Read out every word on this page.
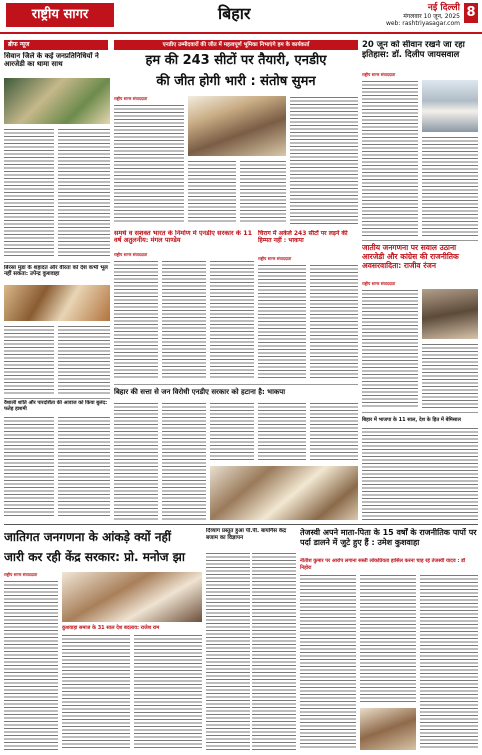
राष्ट्रीय सागर	बिहार	नई दिल्ली
मंगलवार 10 जून, 2025
web: rashtriyasagar.com
8
ब्रीफ न्यूज
सिवान जिले के कई जनप्रतिनिधियों ने आरजेडी का थामा साथ
बिरसा मुंडा के शहादत और वीरता को देश कभी भूल नहीं सकता: उपेन्द्र कुशवाहा
वैशाली शांति और पारदर्शिता की आवाज को किया बुलंद: फतेह हाशमी
एनडीए उम्मीदवारों की जीत में महत्वपूर्ण भूमिका निभाएंगे हम के कार्यकर्ता
हम की 243 सीटों पर तैयारी, एनडीए
की जीत होगी भारी : संतोष सुमन
राष्ट्रीय सागर संवाददाता
समर्थ व सशक्त भारत के निर्माण में एनडीए सरकार के 11 वर्ष अतुलनीय: मंगल पाण्डेय
राष्ट्रीय सागर संवाददाता
चिराग में अकेले 243 सीटों पर लड़ने की हिम्मत नहीं : भाकपा
राष्ट्रीय सागर संवाददाता
बिहार की सत्ता से जन विरोधी एनडीए सरकार को हटाना है: भाकपा
20 जून को सीवान रखने जा रहा इतिहास: डॉ. दिलीप जायसवाल
राष्ट्रीय सागर संवाददाता
जातीय जनगणना पर सवाल उठाना आरजेडी और कांग्रेस की राजनीतिक अवसरवादिता: राजीव रंजन
राष्ट्रीय सागर संवाददाता
बिहार में भाजपा के 11 साल, देश के हित में बेमिसाल
जातिगत जनगणना के आंकड़े क्यों नहीं
जारी कर रही केंद्र सरकार: प्रो. मनोज झा
राष्ट्रीय सागर संवाददाता
कुशवाहा समाज के 31 साल देश बदलाव: राजेश राम
दिव्यांग प्रस्तुत हुआ पी.पी. बायोगैस केंद्र बजाम का विज्ञापन
तेजस्वी अपने माता-पिता के 15 वर्षों के राजनीतिक पापों पर पर्दा डालने में जुटे हुए हैं : उमेश कुशवाहा
नीतीश कुमार पर आरोप लगाना सस्ती लोकप्रियता हासिल करना चाह रहे तेजस्वी यादव : डॉ निहोरा
